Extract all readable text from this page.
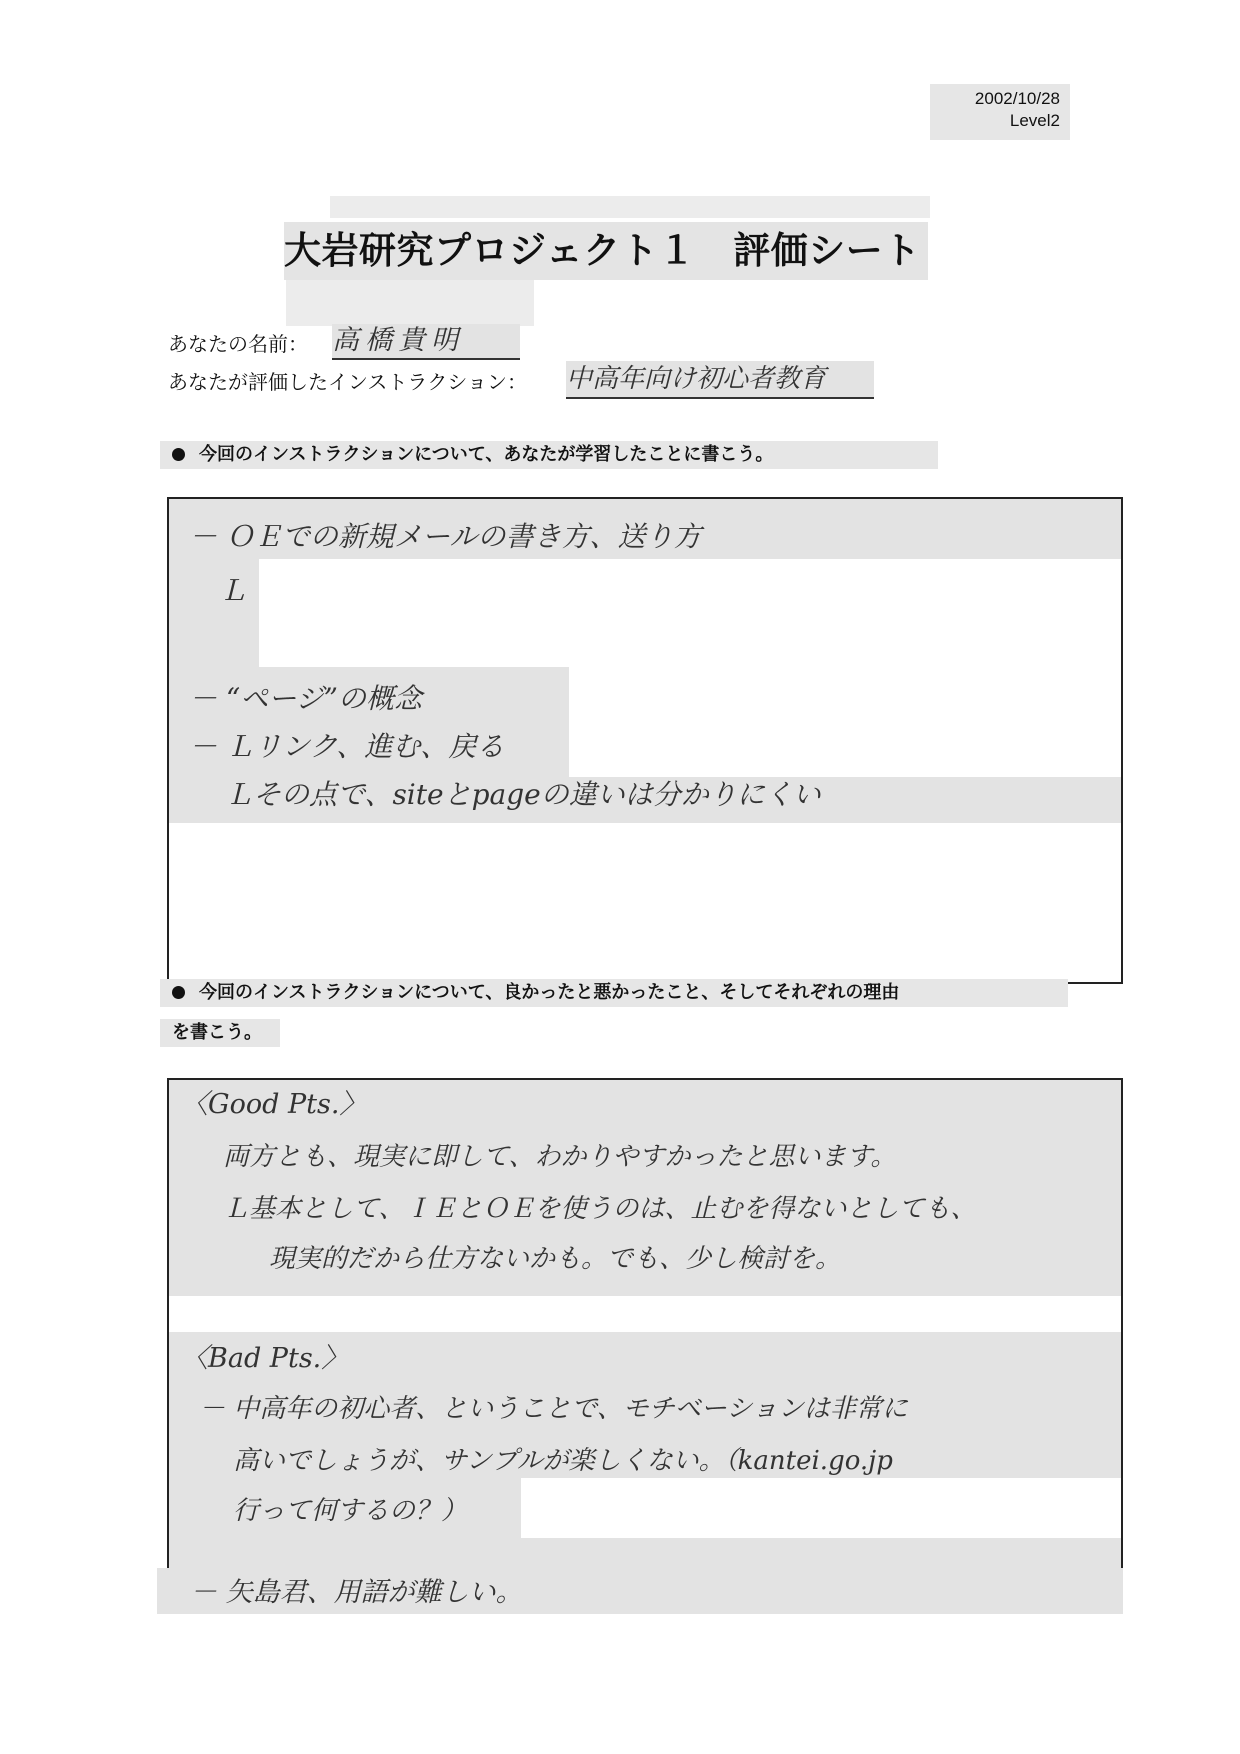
2002/10/28
Level2
大岩研究プロジェクト１　評価シート
あなたの名前： 高橋貴明
あなたが評価したインストラクション： 中高年向け初心者教育
今回のインストラクションについて、あなたが学習したことに書こう。
－ ＯＥでの新規メールの書き方、送り方
Ｌ
－ “ページ”の概念
－ Ｌリンク、進む、戻る
Ｌその点で、siteとpageの違いは分かりにくい
今回のインストラクションについて、良かったと悪かったこと、そしてそれぞれの理由
を書こう。
〈Good Pts.〉
両方とも、現実に即して、わかりやすかったと思います。
Ｌ基本として、ＩＥとＯＥを使うのは、止むを得ないとしても、
現実的だから仕方ないかも。でも、少し検討を。
〈Bad Pts.〉
－ 中高年の初心者、ということで、モチベーションは非常に
高いでしょうが、サンプルが楽しくない。（kantei.go.jp
行って何するの？）
－ 矢島君、用語が難しい。
